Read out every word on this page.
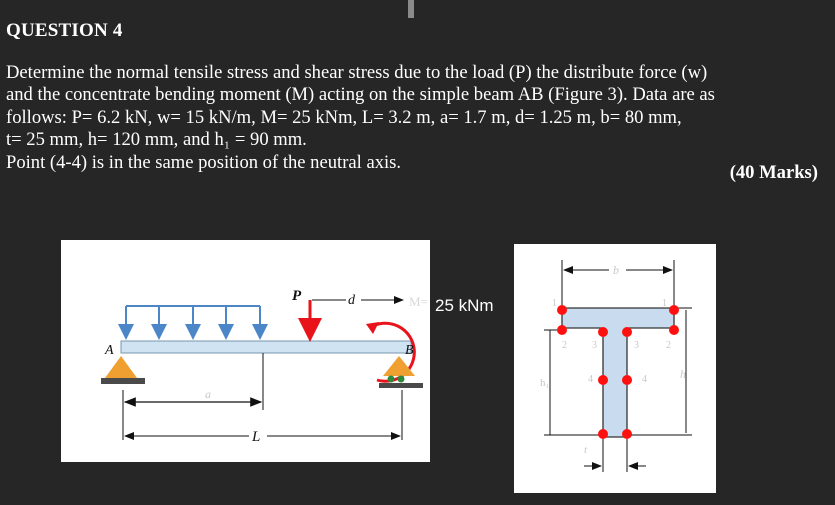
QUESTION 4
Determine the normal tensile stress and shear stress due to the load (P) the distribute force (w)
and the concentrate bending moment (M) acting on the simple beam AB (Figure 3). Data are as
follows: P= 6.2 kN, w= 15 kN/m, M= 25 kNm, L= 3.2 m, a= 1.7 m, d= 1.25 m, b= 80 mm,
t= 25 mm, h= 120 mm, and h₁ = 90 mm.
Point (4-4) is in the same position of the neutral axis.	(40 Marks)
P	d	M=
A	B
a
L
25 kNm
b
h₁
h
t
1	1
2	2
3	3
4	4
